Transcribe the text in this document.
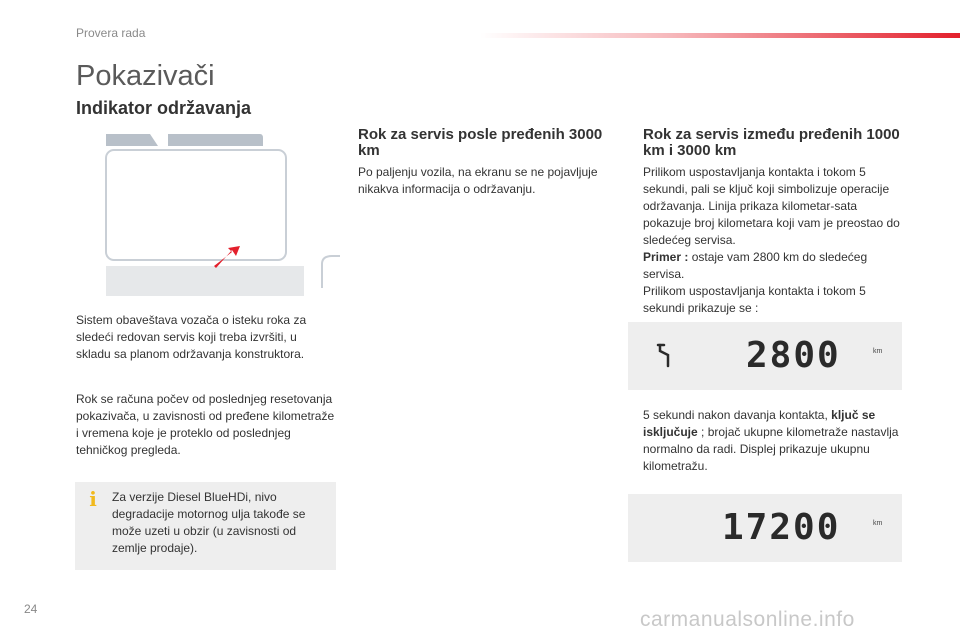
Provera rada
Pokazivači
Indikator održavanja
Sistem obaveštava vozača o isteku roka za sledeći redovan servis koji treba izvršiti, u skladu sa planom održavanja konstruktora.
Rok se računa počev od poslednjeg resetovanja pokazivača, u zavisnosti od pređene kilometraže i vremena koje je proteklo od poslednjeg tehničkog pregleda.
i	Za verzije Diesel BlueHDi, nivo degradacije motornog ulja takođe se može uzeti u obzir (u zavisnosti od zemlje prodaje).
Rok za servis posle pređenih 3000 km
Po paljenju vozila, na ekranu se ne pojavljuje nikakva informacija o održavanju.
Rok za servis između pređenih 1000 km i 3000 km
Prilikom uspostavljanja kontakta i tokom 5 sekundi, pali se ključ koji simbolizuje operacije održavanja. Linija prikaza kilometar-sata pokazuje broj kilometara koji vam je preostao do sledećeg servisa.
Primer : ostaje vam 2800 km do sledećeg servisa.
Prilikom uspostavljanja kontakta i tokom 5 sekundi prikazuje se :
2800	km
5 sekundi nakon davanja kontakta, ključ se isključuje ; brojač ukupne kilometraže nastavlja normalno da radi. Displej prikazuje ukupnu kilometražu.
17200	km
24	carmanualsonline.info
